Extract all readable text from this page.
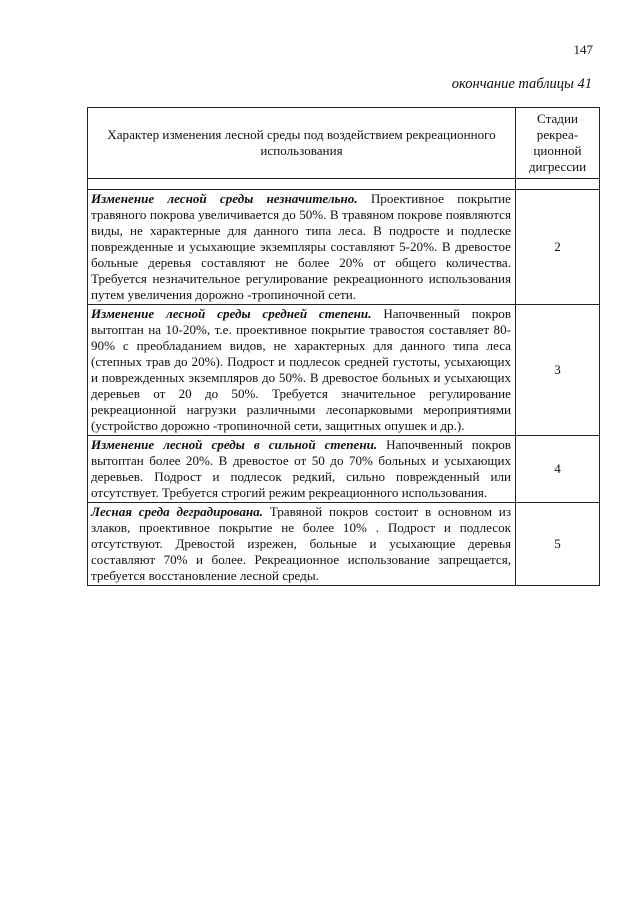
147
окончание таблицы 41
Характер изменения лесной среды под воздействием рекреационного использования	Стадии
рекреа-
ционной
дигрессии

Изменение лесной среды незначительно. Проективное покрытие травяного покрова увеличивается до 50%. В травяном покрове появляются виды, не характерные для данного типа леса. В подросте и подлеске поврежденные и усыхающие экземпляры составляют 5-20%. В древостое больные деревья составляют не более 20% от общего количества. Требуется незначительное регулирование рекреационного использования путем увеличения дорожно -тропиночной сети.	2
Изменение лесной среды средней степени. Напочвенный покров вытоптан на 10-20%, т.е. проективное покрытие травостоя составляет 80-90% с преобладанием видов, не характерных для данного типа леса (степных трав до 20%). Подрост и подлесок средней густоты, усыхающих и поврежденных экземпляров до 50%. В древостое больных и усыхающих деревьев от 20 до 50%. Требуется значительное регулирование рекреационной нагрузки различными лесопарковыми мероприятиями (устройство дорожно -тропиночной сети, защитных опушек и др.).	3
Изменение лесной среды в сильной степени. Напочвенный покров вытоптан более 20%. В древостое от 50 до 70% больных и усыхающих деревьев. Подрост и подлесок редкий, сильно поврежденный или отсутствует. Требуется строгий режим рекреационного использования.	4
Лесная среда деградирована. Травяной покров состоит в основном из злаков, проективное покрытие не более 10% . Подрост и подлесок отсутствуют. Древостой изрежен, больные и усыхающие деревья составляют 70% и более. Рекреационное использование запрещается, требуется восстановление лесной среды.	5
